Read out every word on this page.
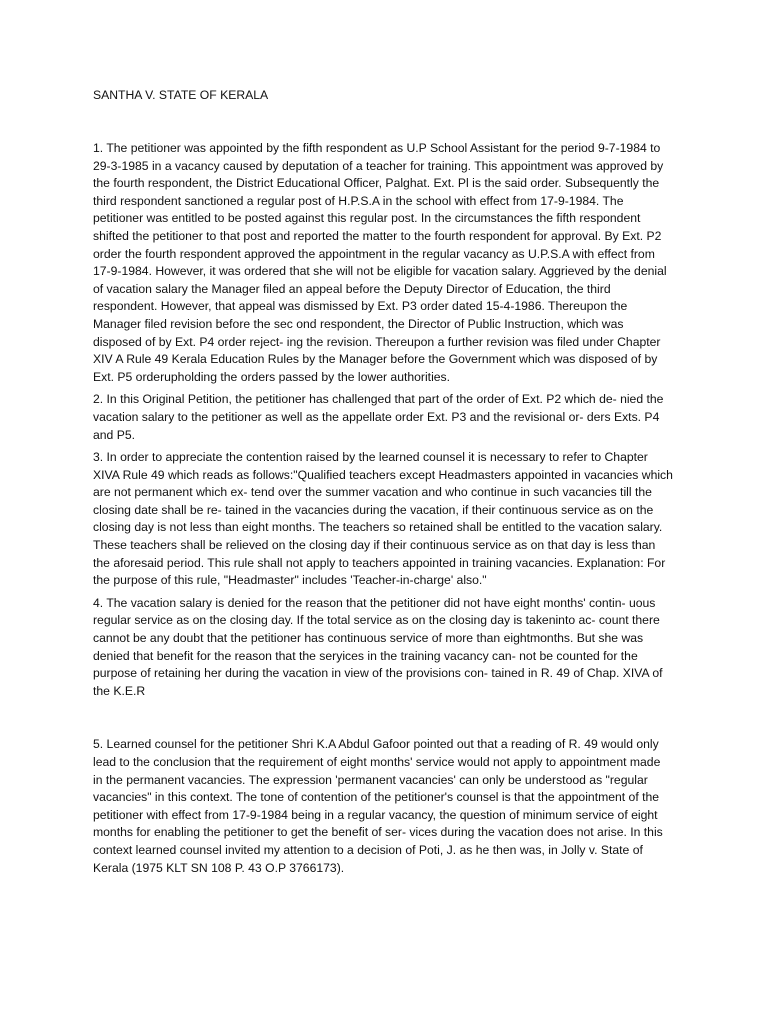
SANTHA V. STATE OF KERALA

1. The petitioner was appointed by the fifth respondent as U.P School Assistant for the period 9-7-1984 to 29-3-1985 in a vacancy caused by deputation of a teacher for training. This appointment was approved by the fourth respondent, the District Educational Officer, Palghat. Ext. Pl is the said order. Subsequently the third respondent sanctioned a regular post of H.P.S.A in the school with effect from 17-9-1984. The petitioner was entitled to be posted against this regular post. In the circumstances the fifth respondent shifted the petitioner to that post and reported the matter to the fourth respondent for approval. By Ext. P2 order the fourth respondent approved the appointment in the regular vacancy as U.P.S.A with effect from 17-9-1984. However, it was ordered that she will not be eligible for vacation salary. Aggrieved by the denial of vacation salary the Manager filed an appeal before the Deputy Director of Education, the third respondent. However, that appeal was dismissed by Ext. P3 order dated 15-4-1986. Thereupon the Manager filed revision before the sec ond respondent, the Director of Public Instruction, which was disposed of by Ext. P4 order reject- ing the revision. Thereupon a further revision was filed under Chapter XIV A Rule 49 Kerala Education Rules by the Manager before the Government which was disposed of by Ext. P5 orderupholding the orders passed by the lower authorities.

2. In this Original Petition, the petitioner has challenged that part of the order of Ext. P2 which de- nied the vacation salary to the petitioner as well as the appellate order Ext. P3 and the revisional or- ders Exts. P4 and P5.

3. In order to appreciate the contention raised by the learned counsel it is necessary to refer to Chapter XIVA Rule 49 which reads as follows:"Qualified teachers except Headmasters appointed in vacancies which are not permanent which ex- tend over the summer vacation and who continue in such vacancies till the closing date shall be re- tained in the vacancies during the vacation, if their continuous service as on the closing day is not less than eight months. The teachers so retained shall be entitled to the vacation salary. These teachers shall be relieved on the closing day if their continuous service as on that day is less than the aforesaid period. This rule shall not apply to teachers appointed in training vacancies. Explanation: For the purpose of this rule, "Headmaster" includes 'Teacher-in-charge' also."

4. The vacation salary is denied for the reason that the petitioner did not have eight months' contin- uous regular service as on the closing day. If the total service as on the closing day is takeninto ac- count there cannot be any doubt that the petitioner has continuous service of more than eightmonths. But she was denied that benefit for the reason that the seryices in the training vacancy can- not be counted for the purpose of retaining her during the vacation in view of the provisions con- tained in R. 49 of Chap. XIVA of the K.E.R

5. Learned counsel for the petitioner Shri K.A Abdul Gafoor pointed out that a reading of R. 49 would only lead to the conclusion that the requirement of eight months' service would not apply to appointment made in the permanent vacancies. The expression 'permanent vacancies' can only be understood as "regular vacancies" in this context. The tone of contention of the petitioner's counsel is that the appointment of the petitioner with effect from 17-9-1984 being in a regular vacancy, the question of minimum service of eight months for enabling the petitioner to get the benefit of ser- vices during the vacation does not arise. In this context learned counsel invited my attention to a decision of Poti, J. as he then was, in Jolly v. State of Kerala (1975 KLT SN 108 P. 43 O.P 3766173).
